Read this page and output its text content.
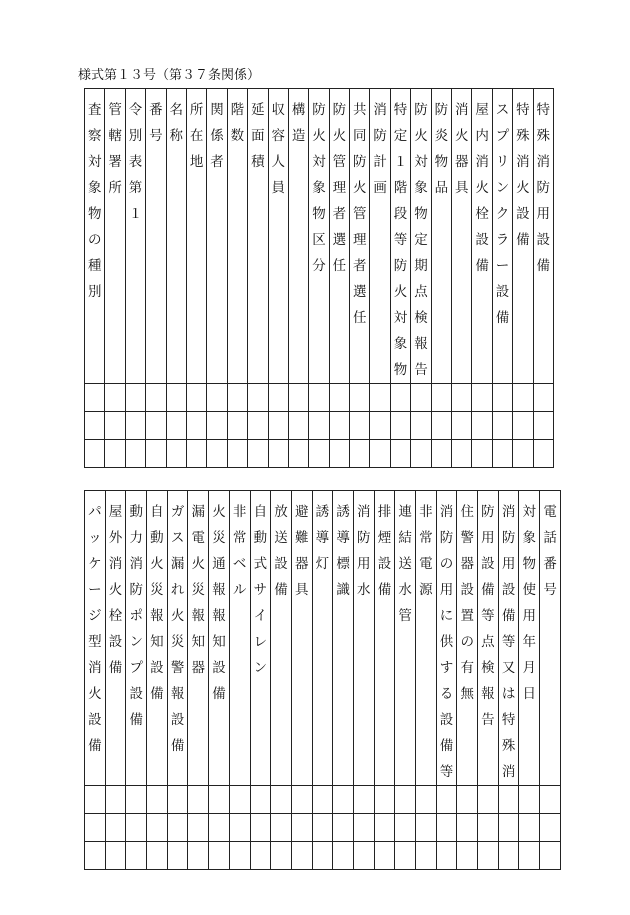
様式第１３号（第３７条関係）
査察対象物の種別	管轄署所	令別表第１	番号	名称	所在地	関係者	階数	延面積	収容人員	構造	防火対象物区分	防火管理者選任	共同防火管理者選任	消防計画	特定１階段等防火対象物	防火対象物定期点検報告	防炎物品	消火器具	屋内消火栓設備	スプリンクラー設備	特殊消火設備	特殊消防用設備

パッケージ型消火設備	屋外消火栓設備	動力消防ポンプ設備	自動火災報知設備	ガス漏れ火災警報設備	漏電火災報知器	火災通報報知設備	非常ベル	自動式サイレン	放送設備	避難器具	誘導灯	誘導標識	消防用水	排煙設備	連結送水管	非常電源	消防の用に供する設備等	住警器設置の有無	防用設備等点検報告	消防用設備等又は特殊消	対象物使用年月日	電話番号
